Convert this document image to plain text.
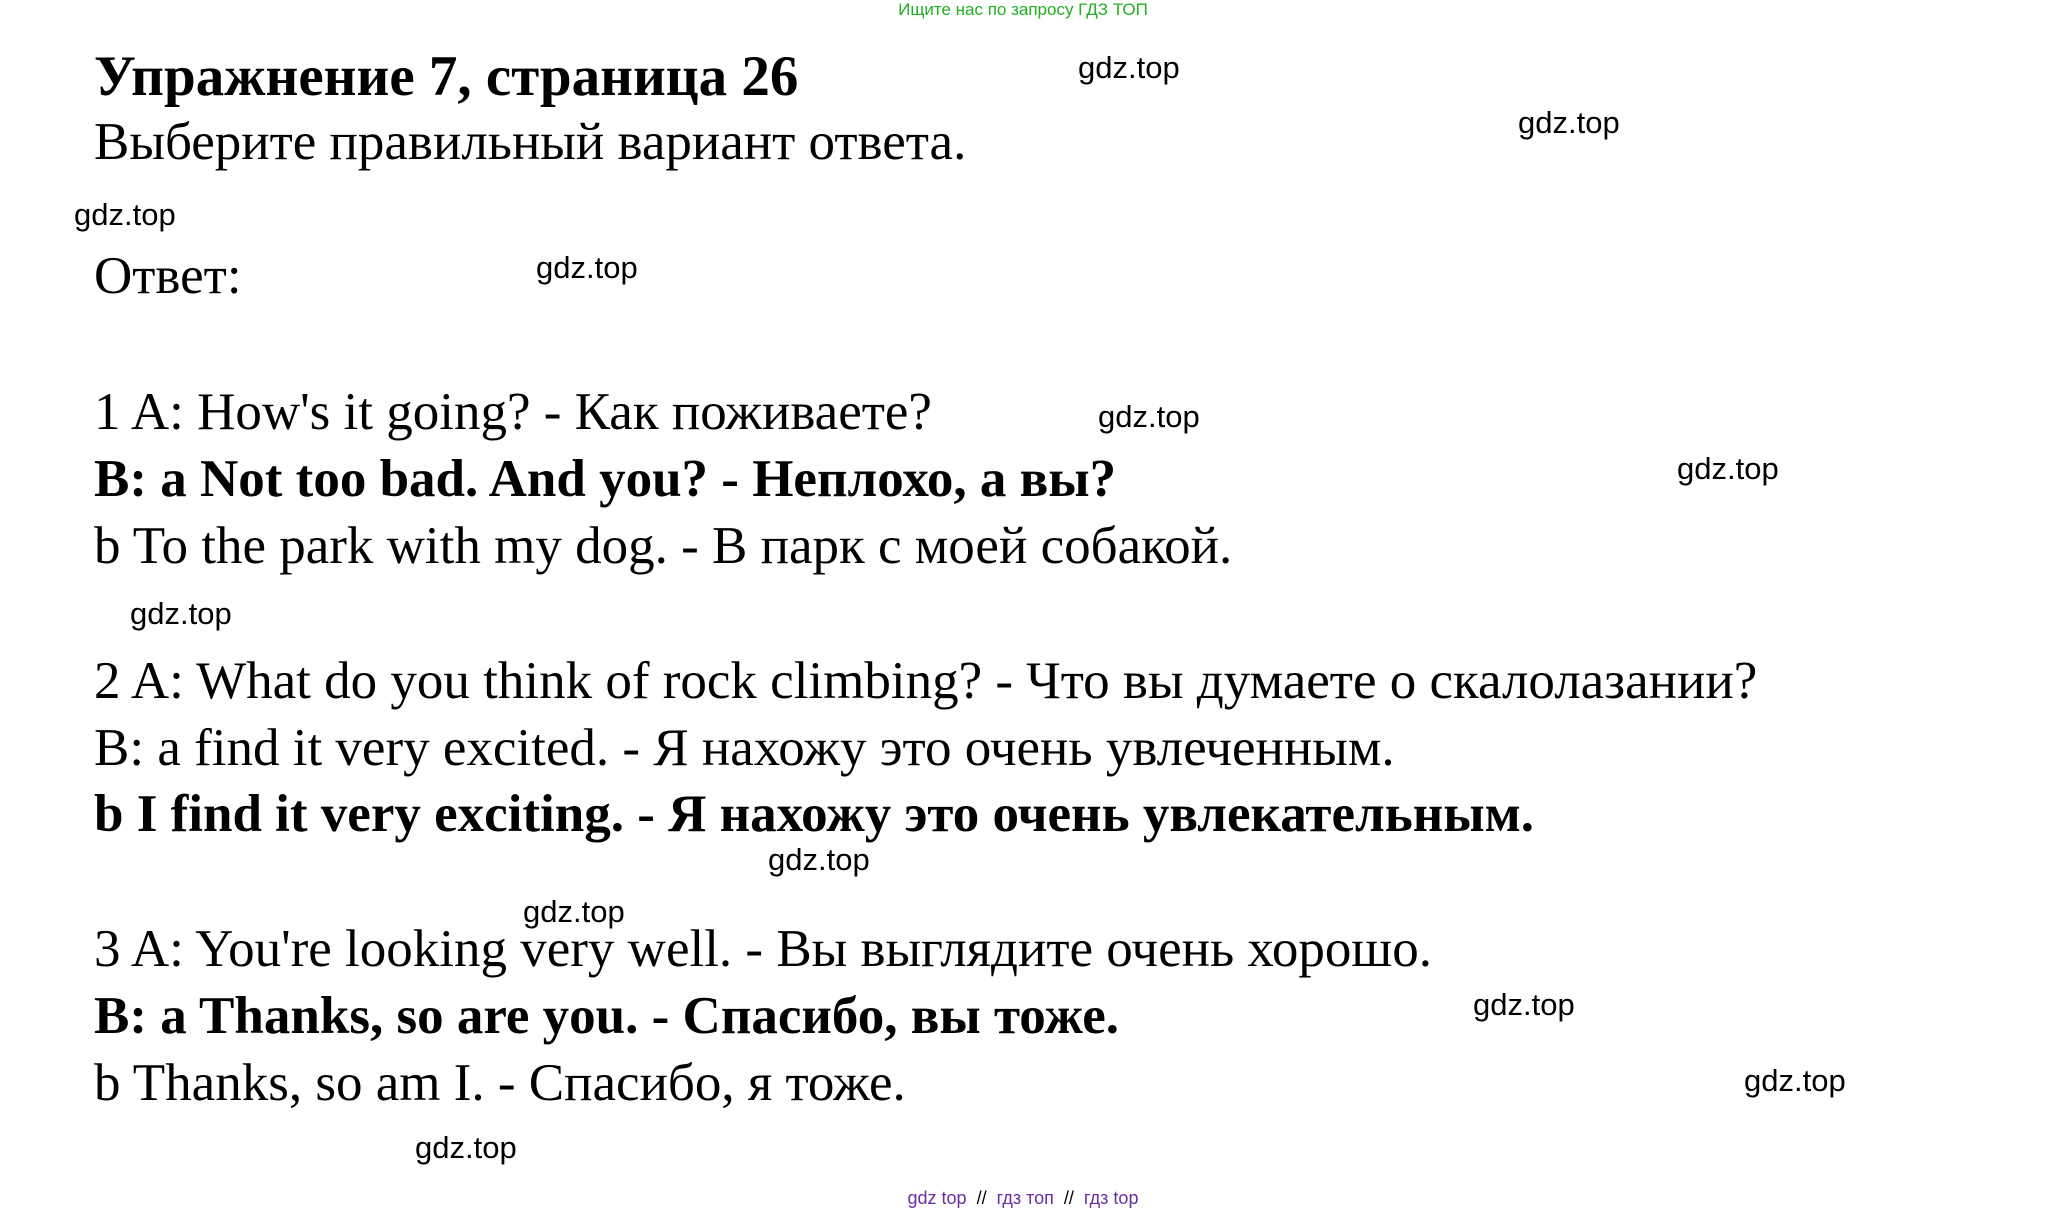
Ищите нас по запросу ГДЗ ТОП
Упражнение 7, страница 26
Выберите правильный вариант ответа.
Ответ:
1 A: How's it going? - Как поживаете?
B: a Not too bad. And you? - Неплохо, а вы?
b To the park with my dog. - В парк с моей собакой.
2 A: What do you think of rock climbing? - Что вы думаете о скалолазании?
B: a find it very excited. - Я нахожу это очень увлеченным.
b I find it very exciting. - Я нахожу это очень увлекательным.
3 A: You're looking very well. - Вы выглядите очень хорошо.
B: a Thanks, so are you. - Спасибо, вы тоже.
b Thanks, so am I. - Спасибо, я тоже.
gdz.top
gdz.top
gdz.top
gdz.top
gdz.top
gdz.top
gdz.top
gdz.top
gdz.top
gdz.top
gdz.top
gdz.top
gdz top // гдз топ // гдз top
